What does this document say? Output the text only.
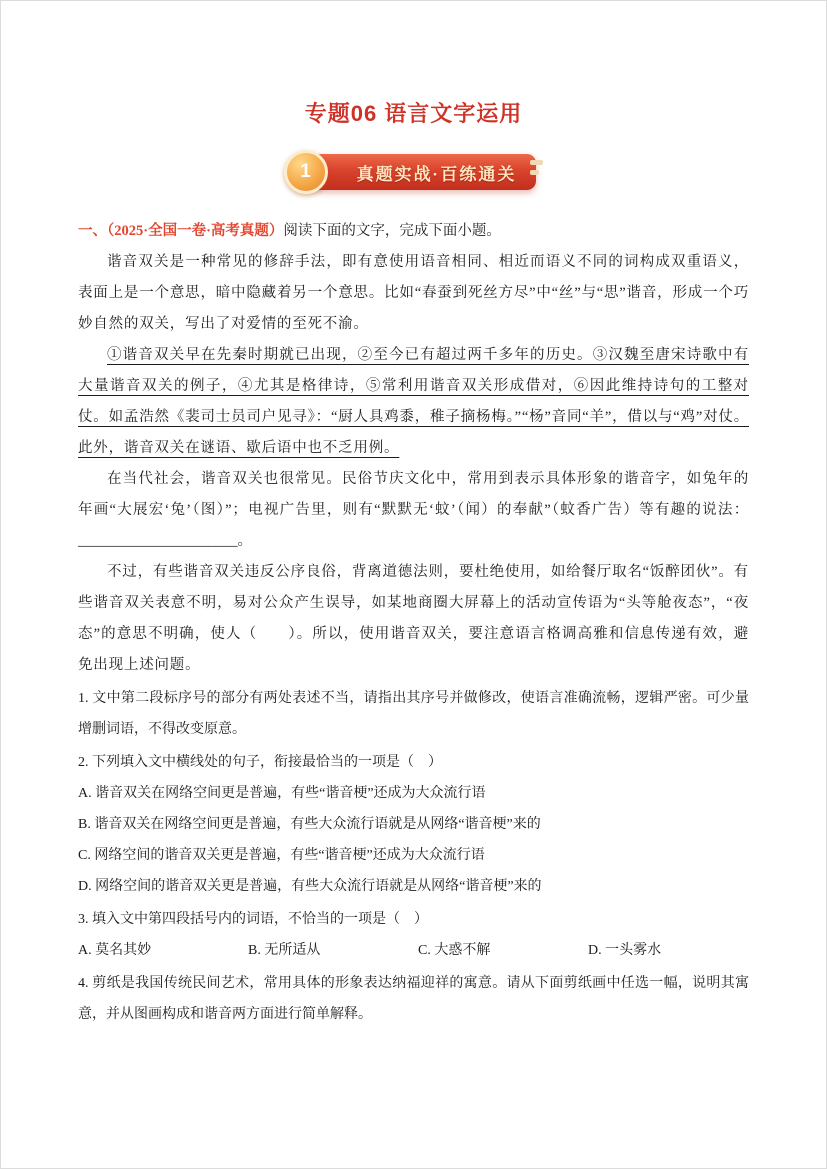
专题06 语言文字运用
1	真题实战·百练通关

一、（2025·全国一卷·高考真题）阅读下面的文字，完成下面小题。

谐音双关是一种常见的修辞手法，即有意使用语音相同、相近而语义不同的词构成双重语义，表面上是一个意思，暗中隐藏着另一个意思。比如“春蚕到死丝方尽”中“丝”与“思”谐音，形成一个巧妙自然的双关，写出了对爱情的至死不渝。

①谐音双关早在先秦时期就已出现，②至今已有超过两千多年的历史。③汉魏至唐宋诗歌中有大量谐音双关的例子，④尤其是格律诗，⑤常利用谐音双关形成借对，⑥因此维持诗句的工整对仗。如孟浩然《裴司士员司户见寻》：“厨人具鸡黍，稚子摘杨梅。”“杨”音同“羊”，借以与“鸡”对仗。此外，谐音双关在谜语、歇后语中也不乏用例。

在当代社会，谐音双关也很常见。民俗节庆文化中，常用到表示具体形象的谐音字，如兔年的年画“大展宏‘兔’（图）”；电视广告里，则有“默默无‘蚊’（闻）的奉献”（蚊香广告）等有趣的说法：______________________。

不过，有些谐音双关违反公序良俗，背离道德法则，要杜绝使用，如给餐厅取名“饭醉团伙”。有些谐音双关表意不明，易对公众产生误导，如某地商圈大屏幕上的活动宣传语为“头等舱夜态”，“夜态”的意思不明确，使人（　　）。所以，使用谐音双关，要注意语言格调高雅和信息传递有效，避免出现上述问题。

1. 文中第二段标序号的部分有两处表述不当，请指出其序号并做修改，使语言准确流畅，逻辑严密。可少量增删词语，不得改变原意。

2. 下列填入文中横线处的句子，衔接最恰当的一项是（　）

A. 谐音双关在网络空间更是普遍，有些“谐音梗”还成为大众流行语

B. 谐音双关在网络空间更是普遍，有些大众流行语就是从网络“谐音梗”来的

C. 网络空间的谐音双关更是普遍，有些“谐音梗”还成为大众流行语

D. 网络空间的谐音双关更是普遍，有些大众流行语就是从网络“谐音梗”来的

3. 填入文中第四段括号内的词语，不恰当的一项是（　）

A. 莫名其妙	B. 无所适从	C. 大惑不解	D. 一头雾水

4. 剪纸是我国传统民间艺术，常用具体的形象表达纳福迎祥的寓意。请从下面剪纸画中任选一幅，说明其寓意，并从图画构成和谐音两方面进行简单解释。
